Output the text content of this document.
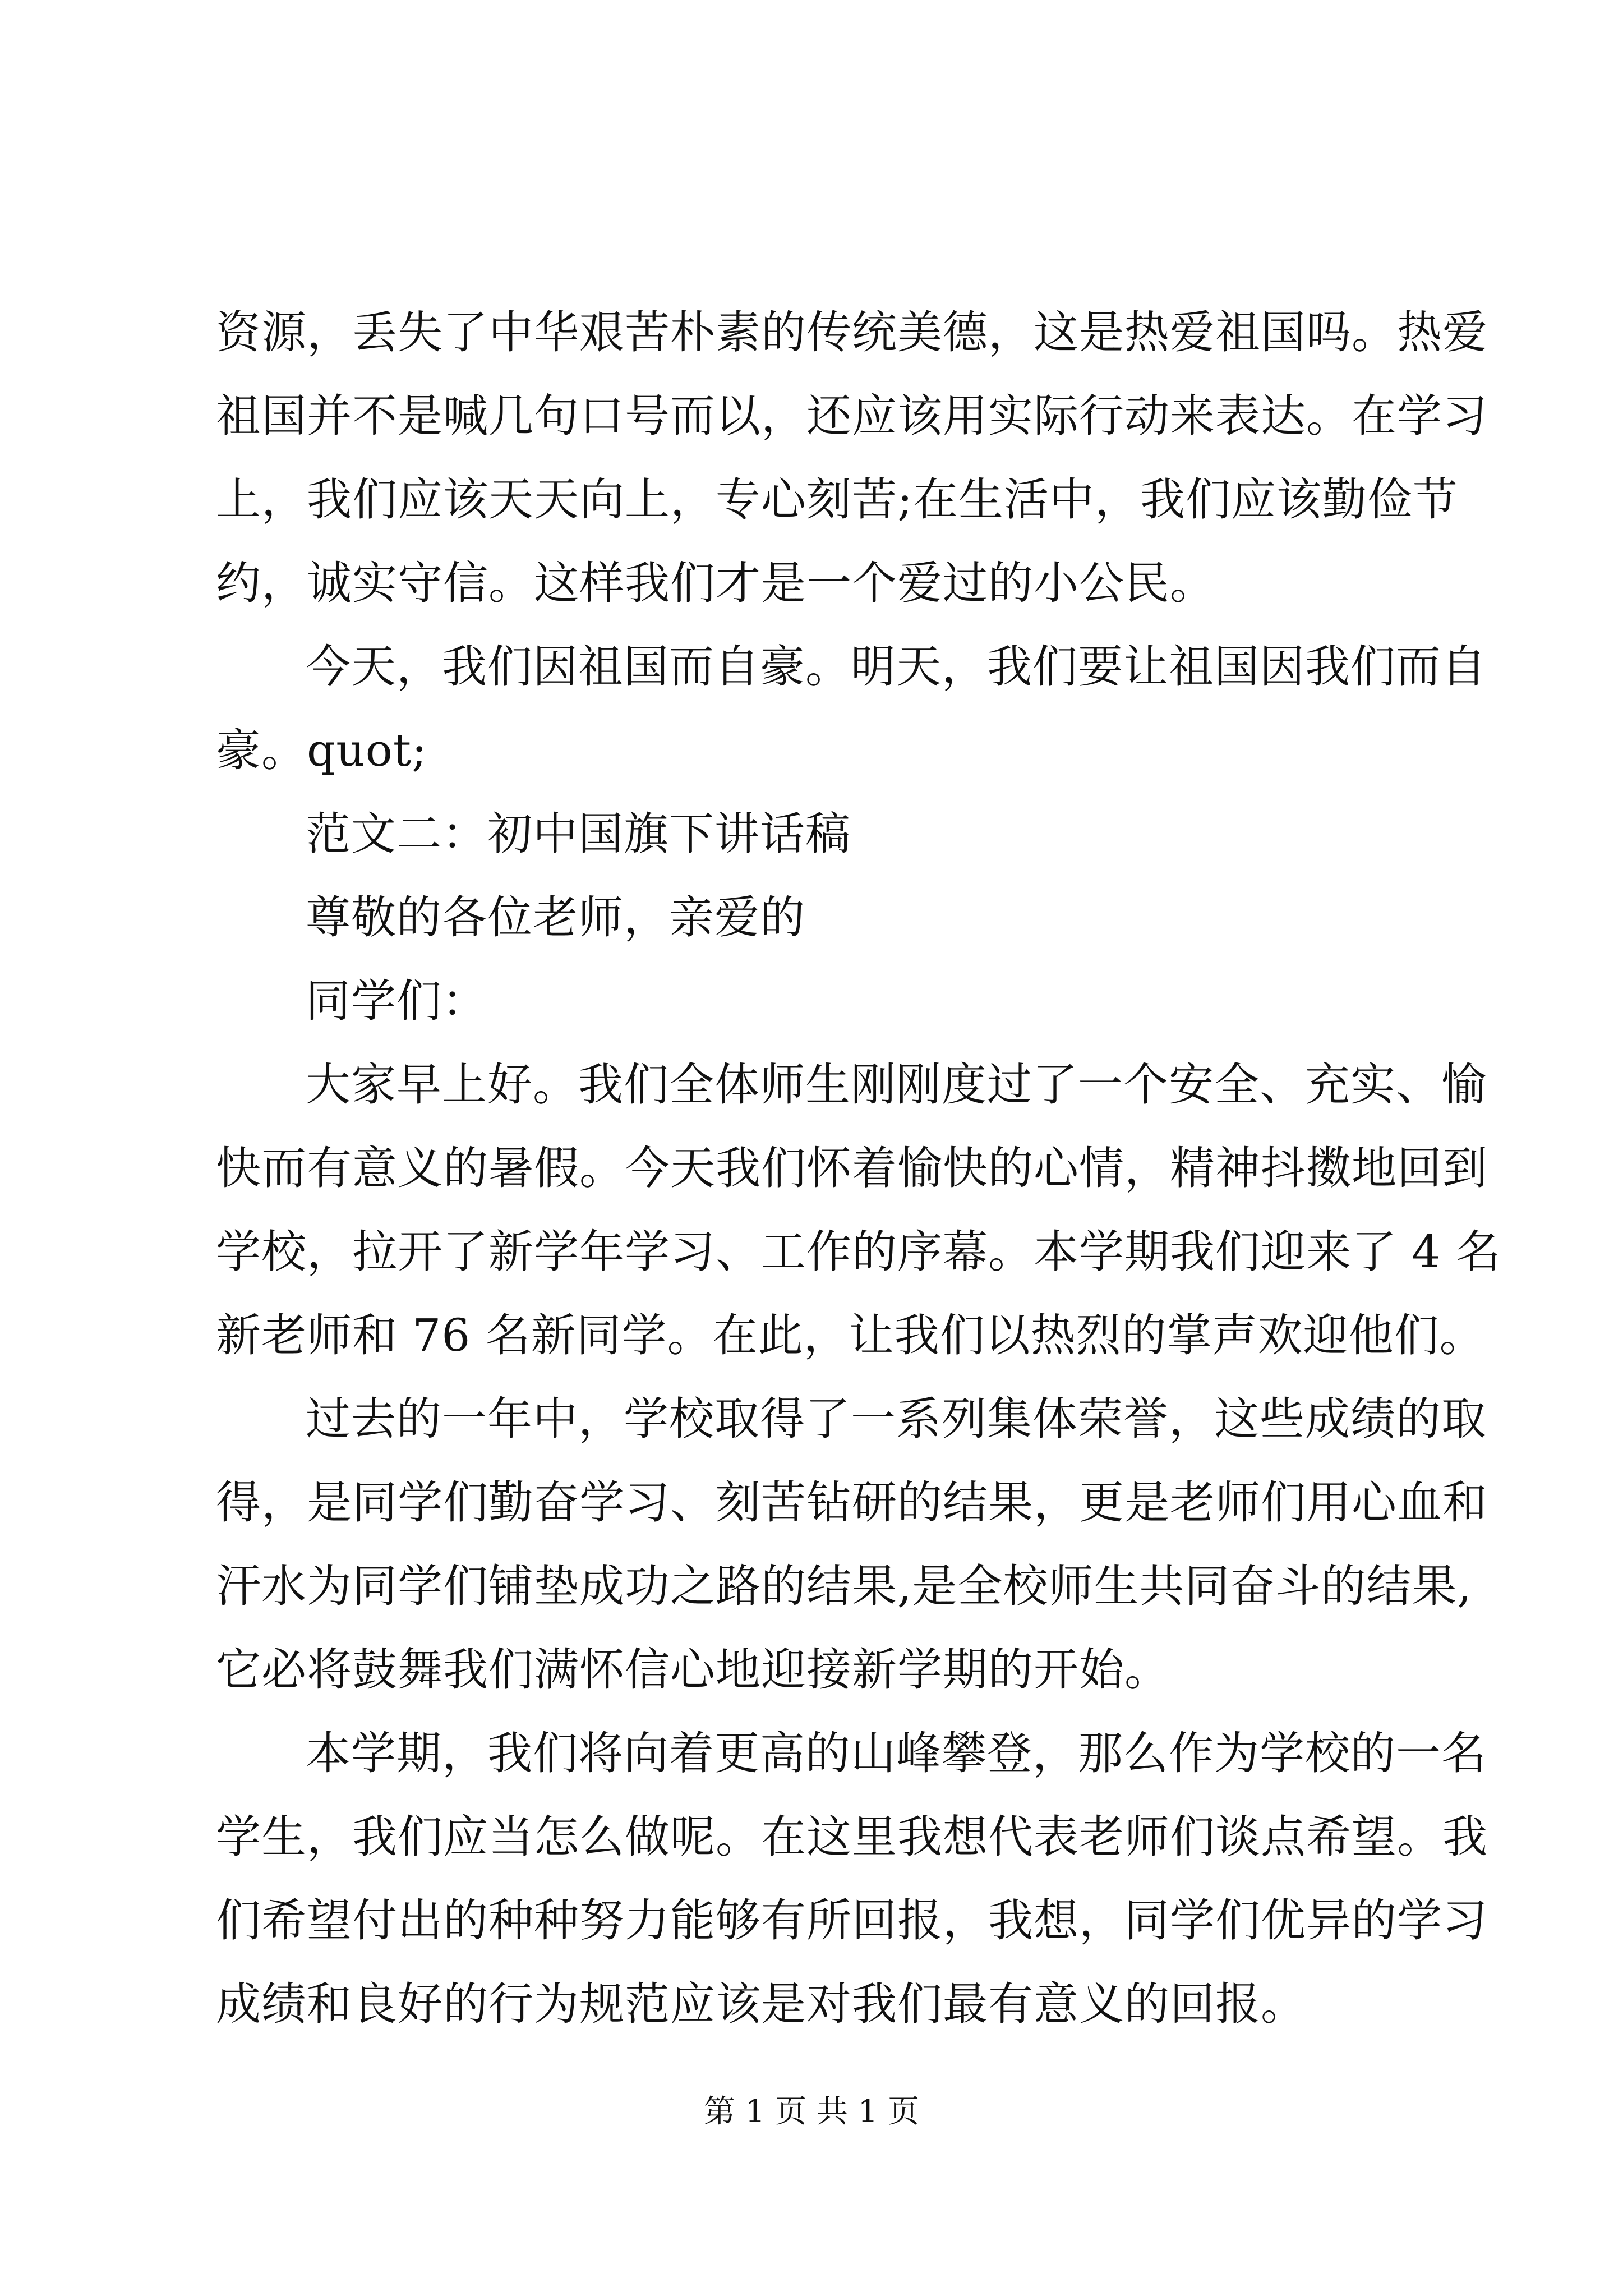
资源，丢失了中华艰苦朴素的传统美德，这是热爱祖国吗。热爱
祖国并不是喊几句口号而以，还应该用实际行动来表达。在学习
上，我们应该天天向上，专心刻苦;在生活中，我们应该勤俭节
约，诚实守信。这样我们才是一个爱过的小公民。
今天，我们因祖国而自豪。明天，我们要让祖国因我们而自
豪。quot;
范文二：初中国旗下讲话稿
尊敬的各位老师，亲爱的
同学们：
大家早上好。我们全体师生刚刚度过了一个安全、充实、愉
快而有意义的暑假。今天我们怀着愉快的心情，精神抖擞地回到
学校，拉开了新学年学习、工作的序幕。本学期我们迎来了 4 名
新老师和 76 名新同学。在此，让我们以热烈的掌声欢迎他们。
过去的一年中，学校取得了一系列集体荣誉，这些成绩的取
得，是同学们勤奋学习、刻苦钻研的结果，更是老师们用心血和
汗水为同学们铺垫成功之路的结果,是全校师生共同奋斗的结果,
它必将鼓舞我们满怀信心地迎接新学期的开始。
本学期，我们将向着更高的山峰攀登，那么作为学校的一名
学生，我们应当怎么做呢。在这里我想代表老师们谈点希望。我
们希望付出的种种努力能够有所回报，我想，同学们优异的学习
成绩和良好的行为规范应该是对我们最有意义的回报。
第 1 页 共 1 页
